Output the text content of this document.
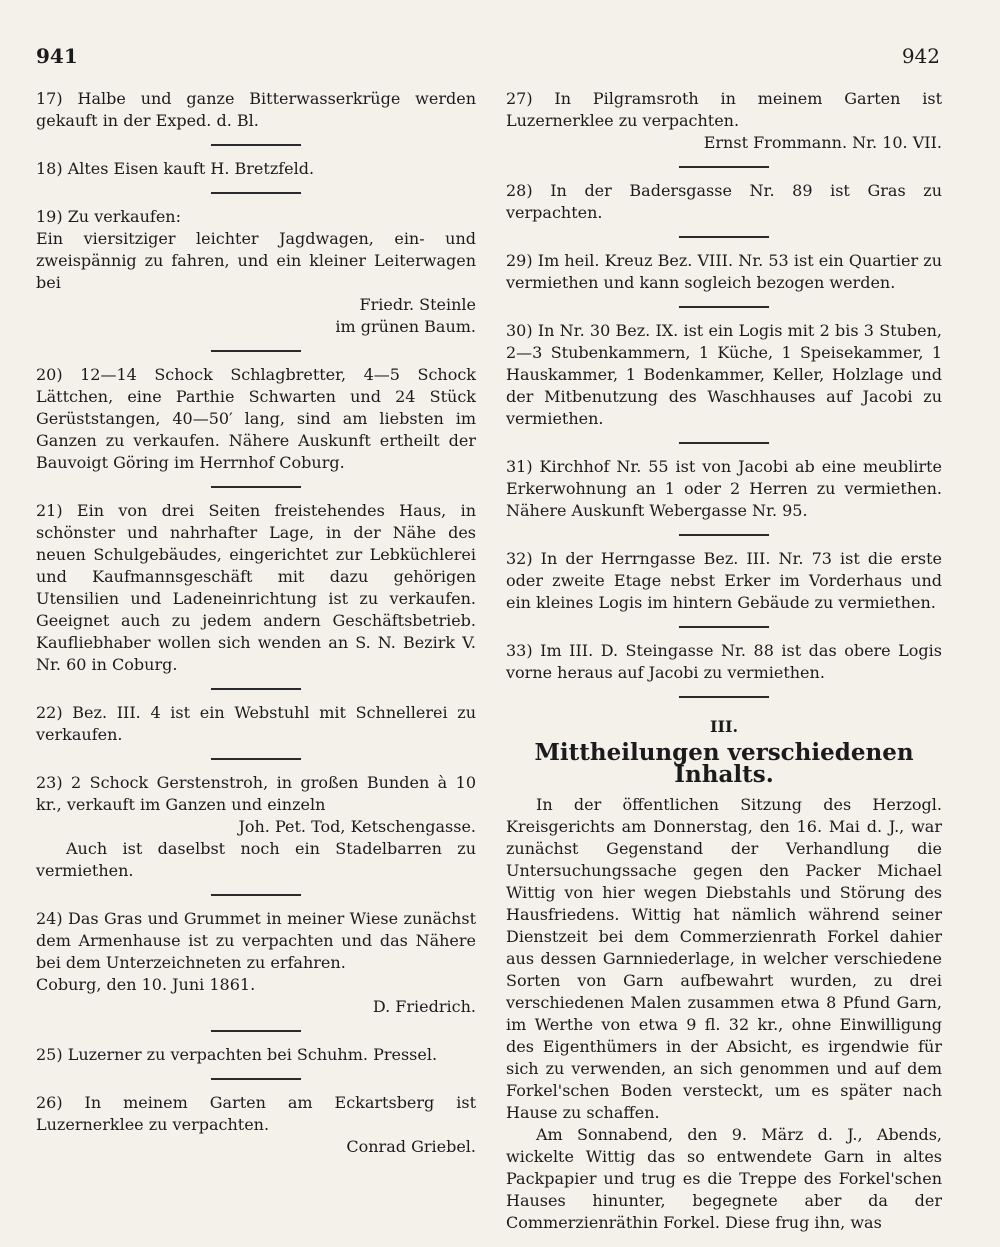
941	942

17) Halbe und ganze Bitterwasserkrüge werden gekauft in der Exped. d. Bl.

18) Altes Eisen kauft H. Bretzfeld.

19) Zu verkaufen:

Ein viersitziger leichter Jagdwagen, ein- und zweispännig zu fahren, und ein kleiner Leiterwagen bei

Friedr. Steinle

im grünen Baum.

20) 12—14 Schock Schlagbretter, 4—5 Schock Lättchen, eine Parthie Schwarten und 24 Stück Gerüststangen, 40—50′ lang, sind am liebsten im Ganzen zu verkaufen. Nähere Auskunft ertheilt der Bauvoigt Göring im Herrnhof Coburg.

21) Ein von drei Seiten freistehendes Haus, in schönster und nahrhafter Lage, in der Nähe des neuen Schulgebäudes, eingerichtet zur Lebküchlerei und Kaufmannsgeschäft mit dazu gehörigen Utensilien und Ladeneinrichtung ist zu verkaufen. Geeignet auch zu jedem andern Geschäftsbetrieb. Kaufliebhaber wollen sich wenden an S. N. Bezirk V. Nr. 60 in Coburg.

22) Bez. III. 4 ist ein Webstuhl mit Schnellerei zu verkaufen.

23) 2 Schock Gerstenstroh, in großen Bunden à 10 kr., verkauft im Ganzen und einzeln

Joh. Pet. Tod, Ketschengasse.

Auch ist daselbst noch ein Stadelbarren zu vermiethen.

24) Das Gras und Grummet in meiner Wiese zunächst dem Armenhause ist zu verpachten und das Nähere bei dem Unterzeichneten zu erfahren.

Coburg, den 10. Juni 1861.

D. Friedrich.

25) Luzerner zu verpachten bei Schuhm. Pressel.

26) In meinem Garten am Eckartsberg ist Luzernerklee zu verpachten.

Conrad Griebel.

27) In Pilgramsroth in meinem Garten ist Luzernerklee zu verpachten.

Ernst Frommann. Nr. 10. VII.

28) In der Badersgasse Nr. 89 ist Gras zu verpachten.

29) Im heil. Kreuz Bez. VIII. Nr. 53 ist ein Quartier zu vermiethen und kann sogleich bezogen werden.

30) In Nr. 30 Bez. IX. ist ein Logis mit 2 bis 3 Stuben, 2—3 Stubenkammern, 1 Küche, 1 Speisekammer, 1 Hauskammer, 1 Bodenkammer, Keller, Holzlage und der Mitbenutzung des Waschhauses auf Jacobi zu vermiethen.

31) Kirchhof Nr. 55 ist von Jacobi ab eine meublirte Erkerwohnung an 1 oder 2 Herren zu vermiethen. Nähere Auskunft Webergasse Nr. 95.

32) In der Herrngasse Bez. III. Nr. 73 ist die erste oder zweite Etage nebst Erker im Vorderhaus und ein kleines Logis im hintern Gebäude zu vermiethen.

33) Im III. D. Steingasse Nr. 88 ist das obere Logis vorne heraus auf Jacobi zu vermiethen.

III.
Mittheilungen verschiedenen Inhalts.

In der öffentlichen Sitzung des Herzogl. Kreisgerichts am Donnerstag, den 16. Mai d. J., war zunächst Gegenstand der Verhandlung die Untersuchungssache gegen den Packer Michael Wittig von hier wegen Diebstahls und Störung des Hausfriedens. Wittig hat nämlich während seiner Dienstzeit bei dem Commerzienrath Forkel dahier aus dessen Garnniederlage, in welcher verschiedene Sorten von Garn aufbewahrt wurden, zu drei verschiedenen Malen zusammen etwa 8 Pfund Garn, im Werthe von etwa 9 fl. 32 kr., ohne Einwilligung des Eigenthümers in der Absicht, es irgendwie für sich zu verwenden, an sich genommen und auf dem Forkel'schen Boden versteckt, um es später nach Hause zu schaffen.

Am Sonnabend, den 9. März d. J., Abends, wickelte Wittig das so entwendete Garn in altes Packpapier und trug es die Treppe des Forkel'schen Hauses hinunter, begegnete aber da der Commerzienräthin Forkel. Diese frug ihn, was
